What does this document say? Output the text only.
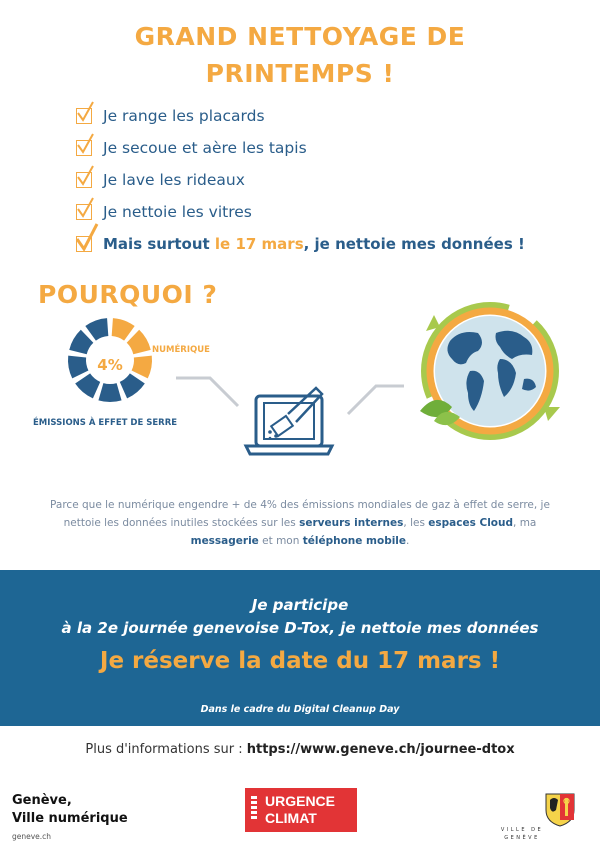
GRAND NETTOYAGE DE
PRINTEMPS !
Je range les placards
Je secoue et aère les tapis
Je lave les rideaux
Je nettoie les vitres
Mais surtout le 17 mars, je nettoie mes données !
POURQUOI ?
4%
NUMÉRIQUE
ÉMISSIONS À EFFET DE SERRE
Parce que le numérique engendre + de 4% des émissions mondiales de gaz à effet de serre, je nettoie les données inutiles stockées sur les serveurs internes, les espaces Cloud, ma messagerie et mon téléphone mobile.
Je participe
à la 2e journée genevoise D-Tox, je nettoie mes données
Je réserve la date du 17 mars !
Dans le cadre du Digital Cleanup Day
Plus d'informations sur : https://www.geneve.ch/journee-dtox
Genève,
Ville numérique
geneve.ch
URGENCE
CLIMAT
VILLE DE
GENÈVE
